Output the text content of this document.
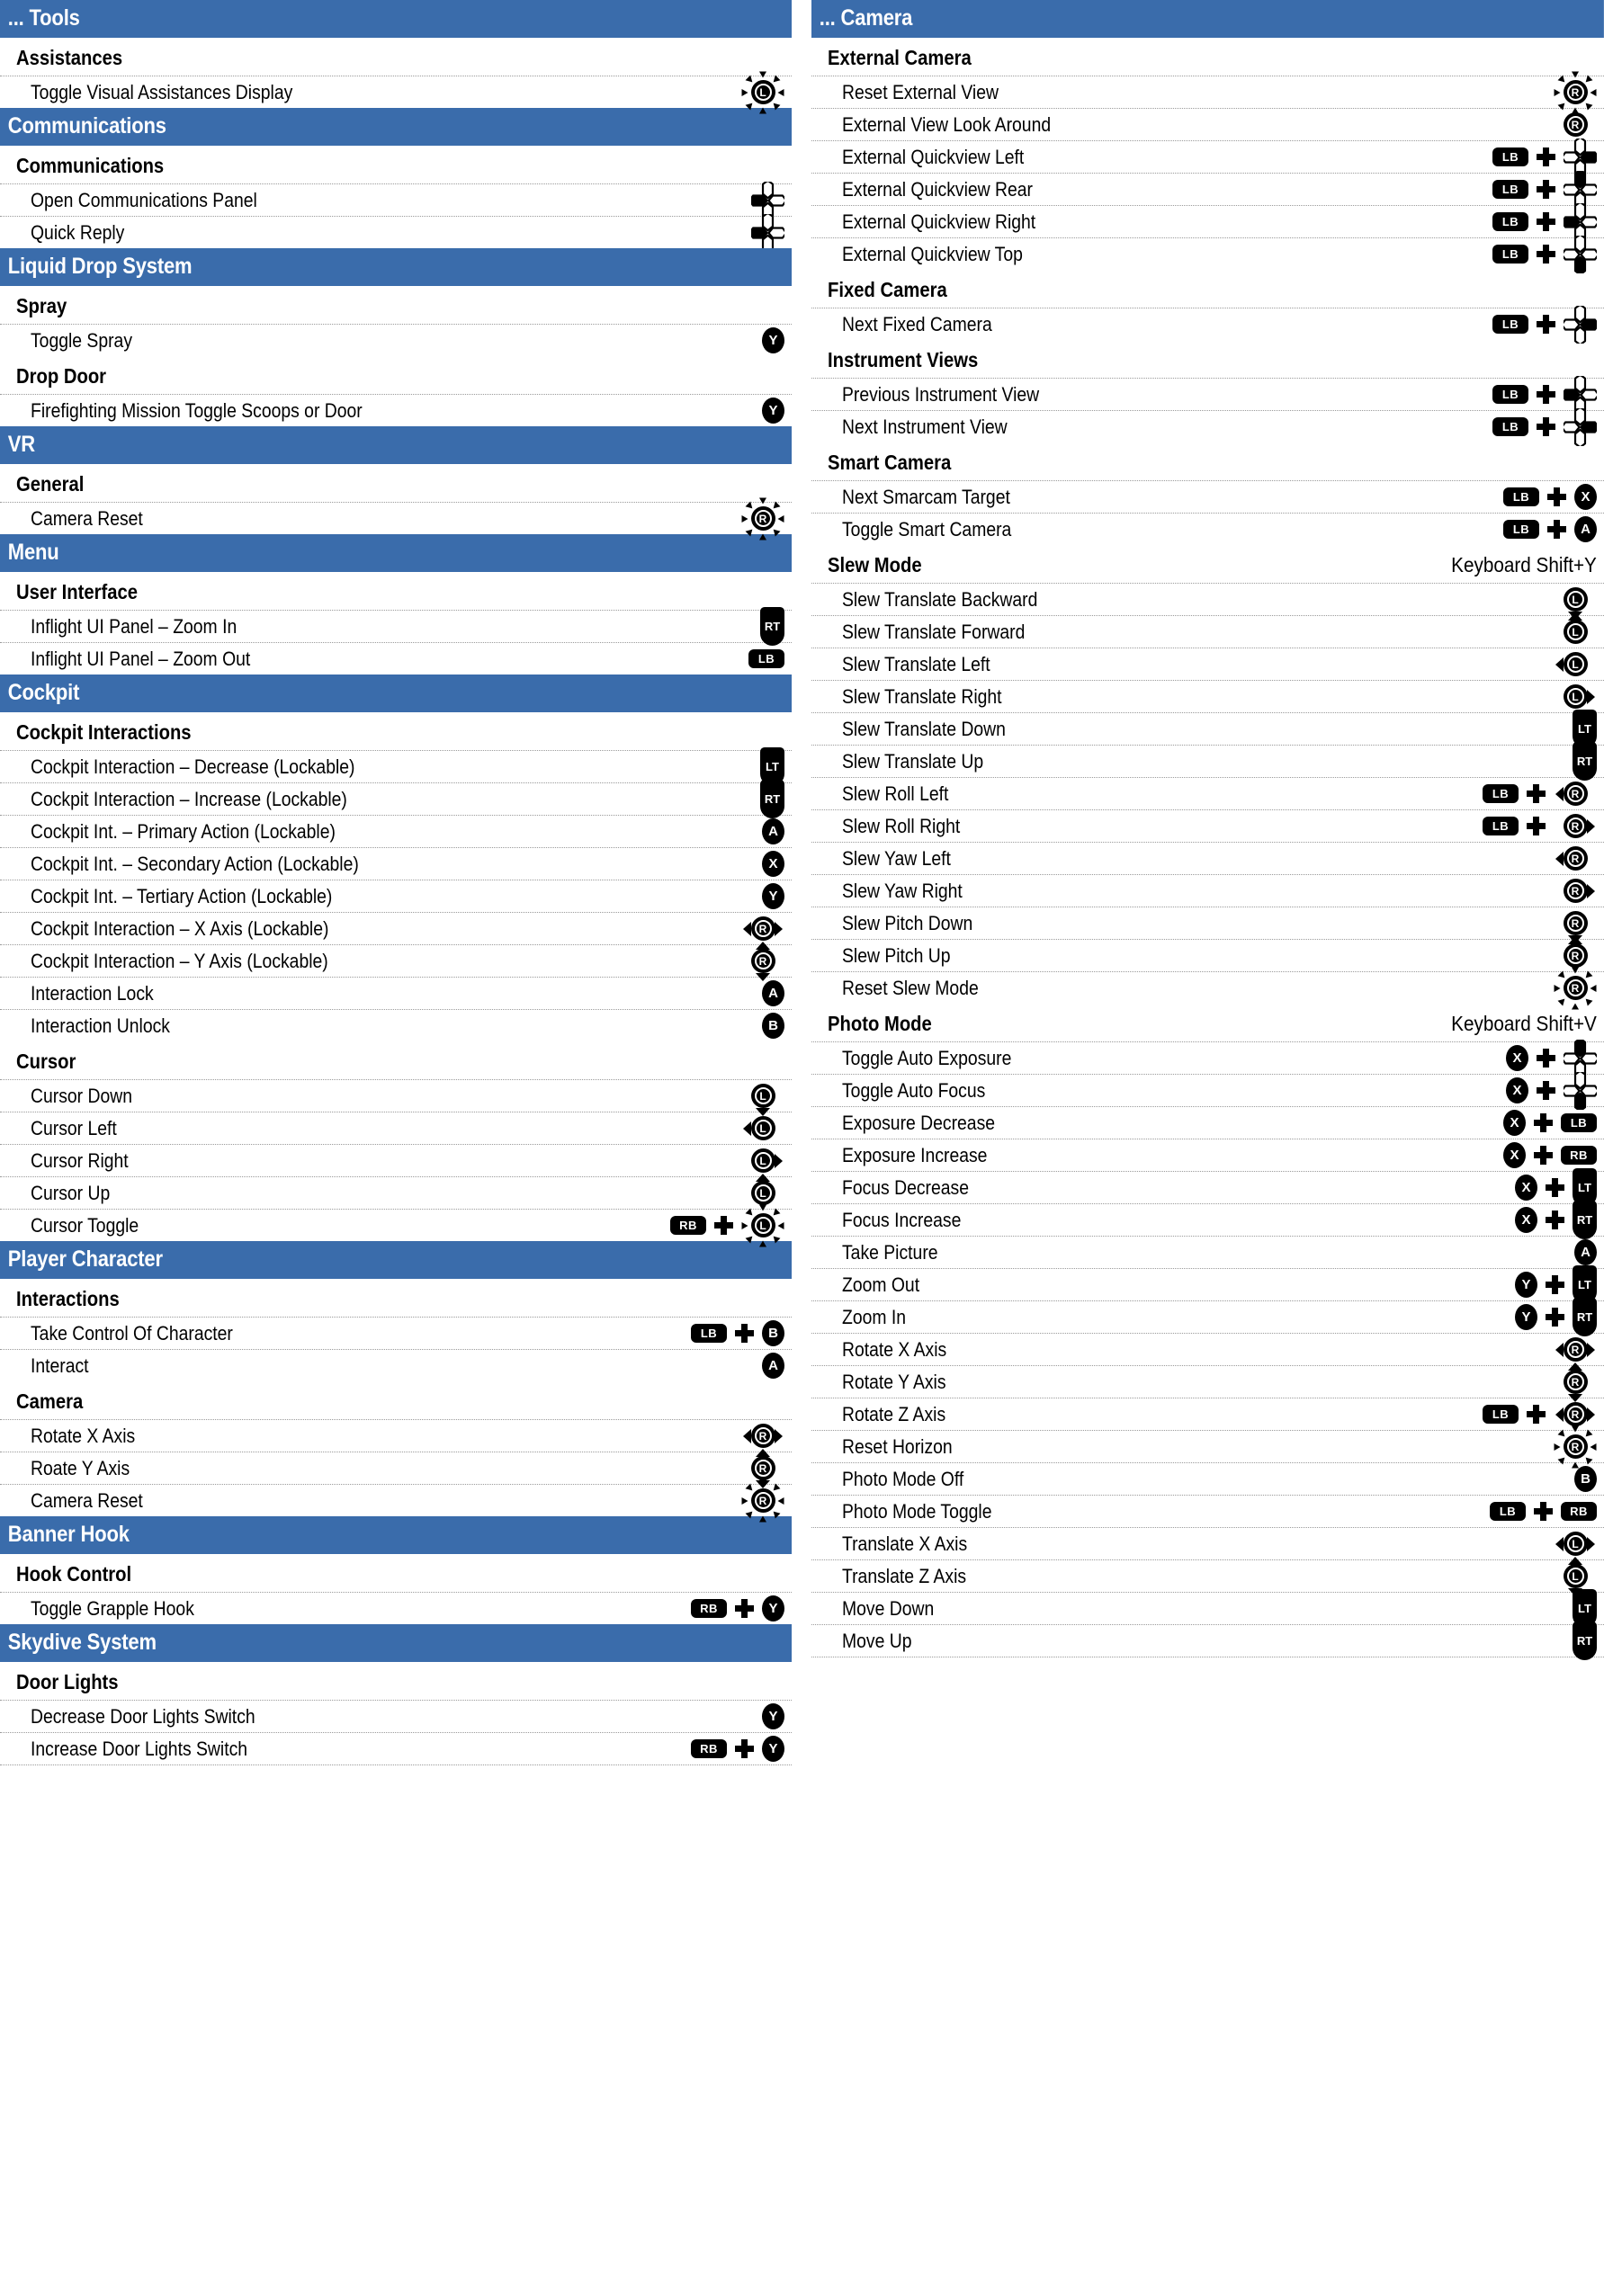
... Tools
Assistances
Toggle Visual Assistances Display	L
Communications
Communications
Open Communications Panel
Quick Reply
Liquid Drop System
Spray
Toggle Spray	Y
Drop Door
Firefighting Mission Toggle Scoops or Door	Y
VR
General
Camera Reset	R
Menu
User Interface
Inflight UI Panel – Zoom In	RT
Inflight UI Panel – Zoom Out	LB
Cockpit
Cockpit Interactions
Cockpit Interaction – Decrease (Lockable)	LT
Cockpit Interaction – Increase (Lockable)	RT
Cockpit Int. – Primary Action (Lockable)	A
Cockpit Int. – Secondary Action (Lockable)	X
Cockpit Int. – Tertiary Action (Lockable)	Y
Cockpit Interaction – X Axis (Lockable)	R
Cockpit Interaction – Y Axis (Lockable)	R
Interaction Lock	A
Interaction Unlock	B
Cursor
Cursor Down	L
Cursor Left	L
Cursor Right	L
Cursor Up	L
Cursor Toggle	RB	L
Player Character
Interactions
Take Control Of Character	LB	B
Interact	A
Camera
Rotate X Axis	R
Roate Y Axis	R
Camera Reset	R
Banner Hook
Hook Control
Toggle Grapple Hook	RB	Y
Skydive System
Door Lights
Decrease Door Lights Switch	Y
Increase Door Lights Switch	RB	Y
... Camera
External Camera
Reset External View	R
External View Look Around	R
External Quickview Left	LB
External Quickview Rear	LB
External Quickview Right	LB
External Quickview Top	LB
Fixed Camera
Next Fixed Camera	LB
Instrument Views
Previous Instrument View	LB
Next Instrument View	LB
Smart Camera
Next Smarcam Target	LB	X
Toggle Smart Camera	LB	A
Slew Mode	Keyboard Shift+Y
Slew Translate Backward	L
Slew Translate Forward	L
Slew Translate Left	L
Slew Translate Right	L
Slew Translate Down	LT
Slew Translate Up	RT
Slew Roll Left	LB	R
Slew Roll Right	LB	R
Slew Yaw Left	R
Slew Yaw Right	R
Slew Pitch Down	R
Slew Pitch Up	R
Reset Slew Mode	R
Photo Mode	Keyboard Shift+V
Toggle Auto Exposure	X
Toggle Auto Focus	X
Exposure Decrease	X	LB
Exposure Increase	X	RB
Focus Decrease	X	LT
Focus Increase	X	RT
Take Picture	A
Zoom Out	Y	LT
Zoom In	Y	RT
Rotate X Axis	R
Rotate Y Axis	R
Rotate Z Axis	LB	R
Reset Horizon	R
Photo Mode Off	B
Photo Mode Toggle	LB	RB
Translate X Axis	L
Translate Z Axis	L
Move Down	LT
Move Up	RT
